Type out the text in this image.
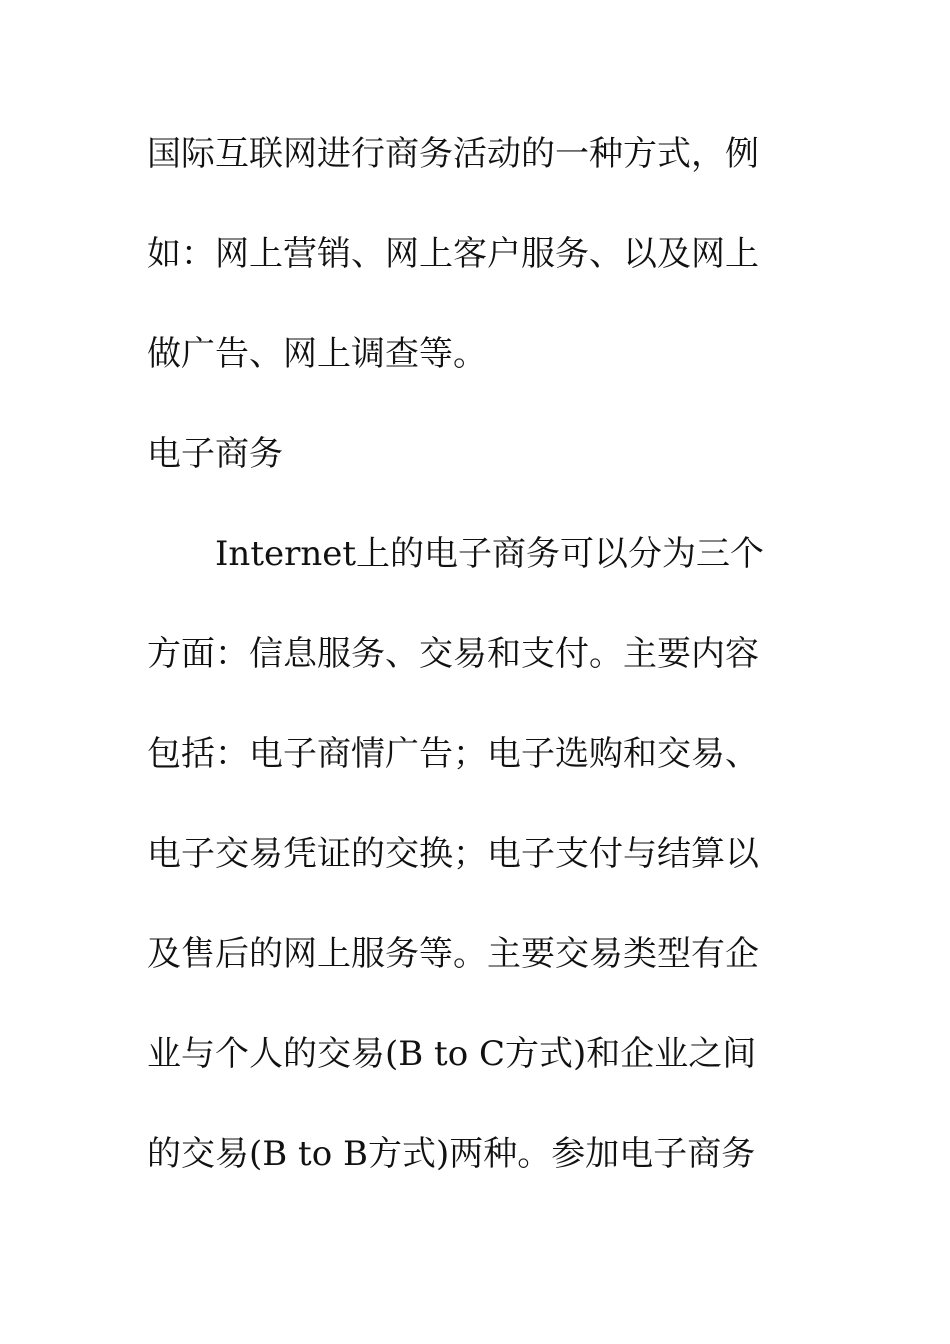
国际互联网进行商务活动的一种方式，例
如：网上营销、网上客户服务、以及网上
做广告、网上调查等。
电子商务
　　Internet上的电子商务可以分为三个
方面：信息服务、交易和支付。主要内容
包括：电子商情广告；电子选购和交易、
电子交易凭证的交换；电子支付与结算以
及售后的网上服务等。主要交易类型有企
业与个人的交易(B to C方式)和企业之间
的交易(B to B方式)两种。参加电子商务
